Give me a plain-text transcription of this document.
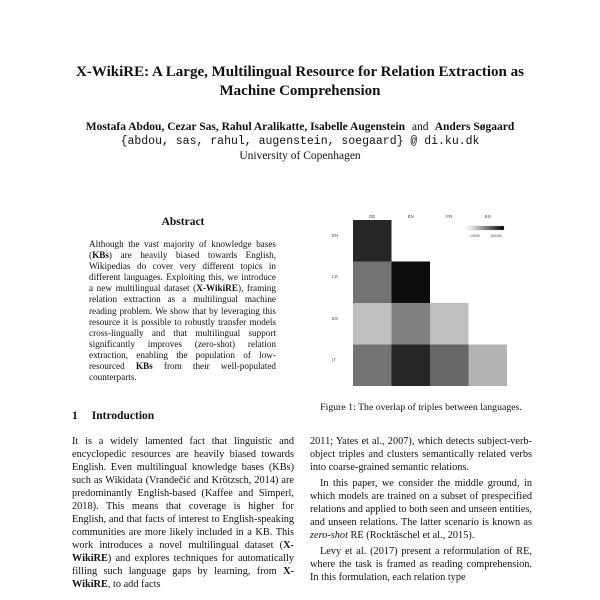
X-WikiRE: A Large, Multilingual Resource for Relation Extraction as
Machine Comprehension
Mostafa Abdou, Cezar Sas, Rahul Aralikatte, Isabelle Augenstein and Anders Søgaard
{abdou, sas, rahul, augenstein, soegaard} @ di.ku.dk
University of Copenhagen
Abstract
Although the vast majority of knowledge bases (KBs) are heavily biased towards English, Wikipedias do cover very different topics in different languages. Exploiting this, we introduce a new multilingual dataset (X-WikiRE), framing relation extraction as a multilingual machine reading problem. We show that by leveraging this resource it is possible to robustly transfer models cross-lingually and that multilingual support significantly improves (zero-shot) relation extraction, enabling the population of low-resourced KBs from their well-populated counterparts.
1 Introduction

It is a widely lamented fact that linguistic and encyclopedic resources are heavily biased towards English. Even multilingual knowledge bases (KBs) such as Wikidata (Vrandečić and Krötzsch, 2014) are predominantly English-based (Kaffee and Simperl, 2018). This means that coverage is higher for English, and that facts of interest to English-speaking communities are more likely included in a KB. This work introduces a novel multilingual dataset (X-WikiRE) and explores techniques for automatically filling such language gaps by learning, from X-WikiRE, to add facts

2011; Yates et al., 2007), which detects subject-verb-object triples and clusters semantically related verbs into coarse-grained semantic relations.

In this paper, we consider the middle ground, in which models are trained on a subset of prespecified relations and applied to both seen and unseen entities, and unseen relations. The latter scenario is known as zero-shot RE (Rocktäschel et al., 2015).

Levy et al. (2017) present a reformulation of RE, where the task is framed as reading comprehension. In this formulation, each relation type

DE	EN	FR	ES
EN
FR
ES
IT
19896	496480
Figure 1: The overlap of triples between languages.
